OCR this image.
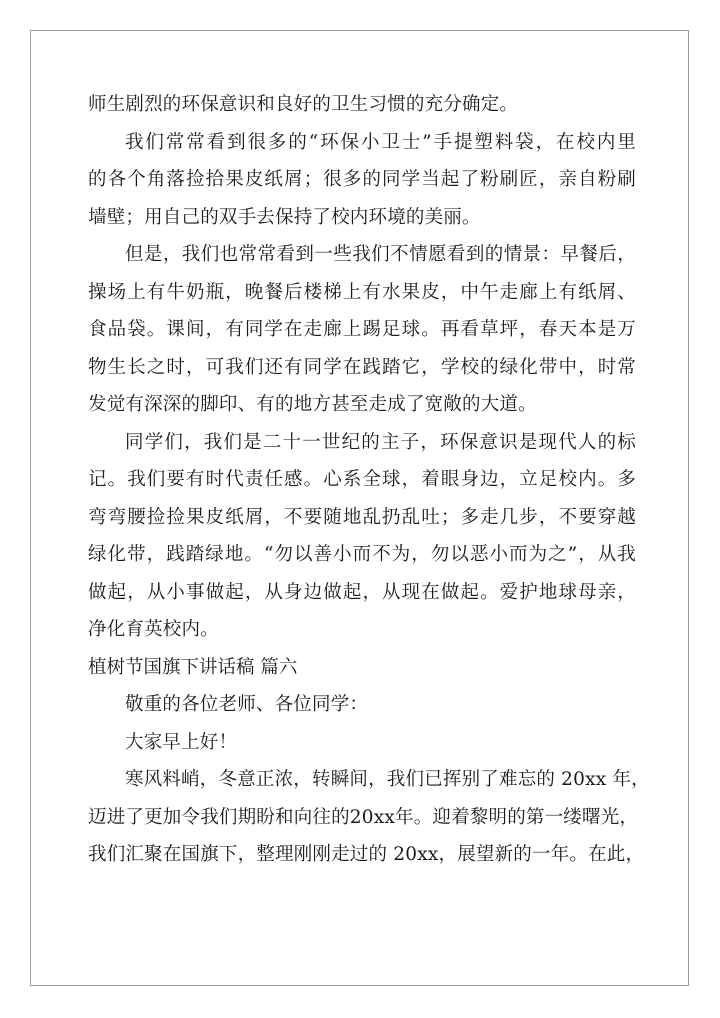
师生剧烈的环保意识和良好的卫生习惯的充分确定。
我们常常看到很多的“环保小卫士”手提塑料袋，在校内里
的各个角落捡拾果皮纸屑；很多的同学当起了粉刷匠，亲自粉刷
墙壁；用自己的双手去保持了校内环境的美丽。
但是，我们也常常看到一些我们不情愿看到的情景：早餐后，
操场上有牛奶瓶，晚餐后楼梯上有水果皮，中午走廊上有纸屑、
食品袋。课间，有同学在走廊上踢足球。再看草坪，春天本是万
物生长之时，可我们还有同学在践踏它，学校的绿化带中，时常
发觉有深深的脚印、有的地方甚至走成了宽敞的大道。
同学们，我们是二十一世纪的主子，环保意识是现代人的标
记。我们要有时代责任感。心系全球，着眼身边，立足校内。多
弯弯腰捡捡果皮纸屑，不要随地乱扔乱吐；多走几步，不要穿越
绿化带，践踏绿地。“勿以善小而不为，勿以恶小而为之”，从我
做起，从小事做起，从身边做起，从现在做起。爱护地球母亲，
净化育英校内。
植树节国旗下讲话稿 篇六
敬重的各位老师、各位同学：
大家早上好！
寒风料峭，冬意正浓，转瞬间，我们已挥别了难忘的 20xx 年，
迈进了更加令我们期盼和向往的20xx年。迎着黎明的第一缕曙光，
我们汇聚在国旗下，整理刚刚走过的 20xx，展望新的一年。在此，
